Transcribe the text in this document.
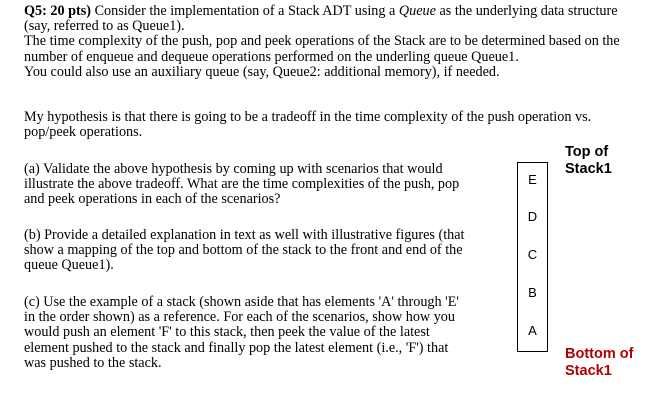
Q5: 20 pts) Consider the implementation of a Stack ADT using a Queue as the underlying data structure

(say, referred to as Queue1).

The time complexity of the push, pop and peek operations of the Stack are to be determined based on the

number of enqueue and dequeue operations performed on the underling queue Queue1.

You could also use an auxiliary queue (say, Queue2: additional memory), if needed.

My hypothesis is that there is going to be a tradeoff in the time complexity of the push operation vs.
pop/peek operations.
(a) Validate the above hypothesis by coming up with scenarios that would
illustrate the above tradeoff. What are the time complexities of the push, pop
and peek operations in each of the scenarios?
(b) Provide a detailed explanation in text as well with illustrative figures (that
show a mapping of the top and bottom of the stack to the front and end of the
queue Queue1).
(c) Use the example of a stack (shown aside that has elements 'A' through 'E'
in the order shown) as a reference. For each of the scenarios, show how you
would push an element 'F' to this stack, then peek the value of the latest
element pushed to the stack and finally pop the latest element (i.e., 'F') that
was pushed to the stack.
E
D
C
B
A
Top of
Stack1
Bottom of
Stack1
